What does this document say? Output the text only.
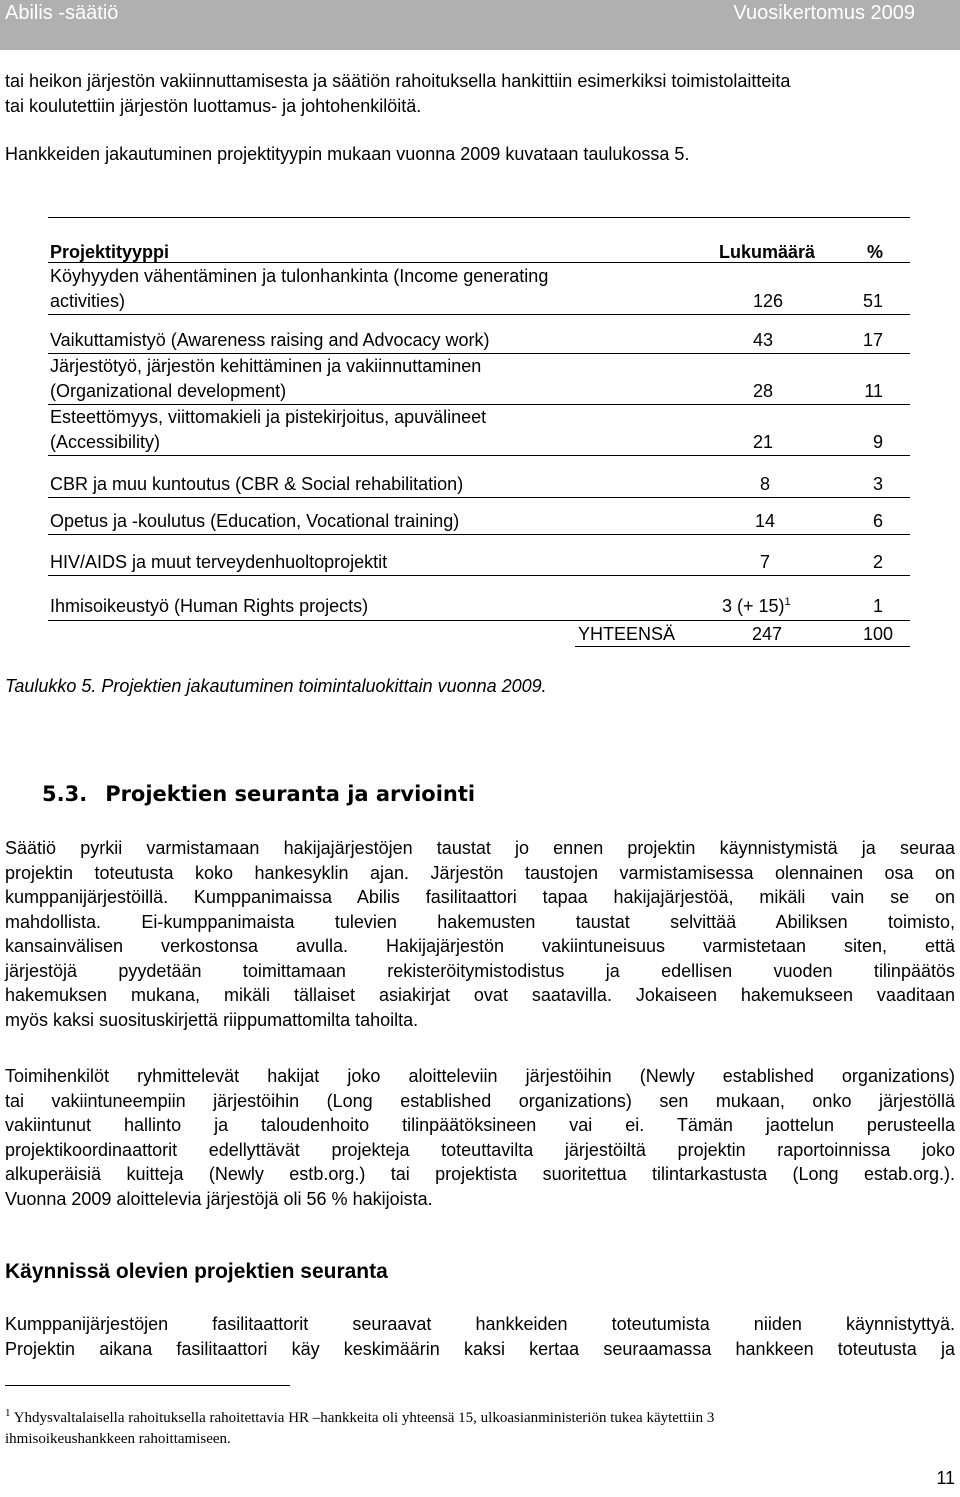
Abilis -säätiö	Vuosikertomus 2009
tai heikon järjestön vakiinnuttamisesta ja säätiön rahoituksella hankittiin esimerkiksi toimistolaitteita
tai koulutettiin järjestön luottamus- ja johtohenkilöitä.
Hankkeiden jakautuminen projektityypin mukaan vuonna 2009 kuvataan taulukossa 5.
Projektityyppi	Lukumäärä	%
Köyhyyden vähentäminen ja tulonhankinta (Income generating
activities)	126	51
Vaikuttamistyö (Awareness raising and Advocacy work)	43	17
Järjestötyö, järjestön kehittäminen ja vakiinnuttaminen
(Organizational development)	28	11
Esteettömyys, viittomakieli ja pistekirjoitus, apuvälineet
(Accessibility)	21	9
CBR ja muu kuntoutus (CBR & Social rehabilitation)	8	3
Opetus ja -koulutus (Education, Vocational training)	14	6
HIV/AIDS ja muut terveydenhuoltoprojektit	7	2
Ihmisoikeustyö (Human Rights projects)	3 (+ 15)$^1$	1
YHTEENSÄ	247	100
Taulukko 5. Projektien jakautuminen toimintaluokittain vuonna 2009.
5.3. Projektien seuranta ja arviointi
Säätiö pyrkii varmistamaan hakijajärjestöjen taustat jo ennen projektin käynnistymistä ja seuraa
projektin toteutusta koko hankesyklin ajan. Järjestön taustojen varmistamisessa olennainen osa on
kumppanijärjestöillä. Kumppanimaissa Abilis fasilitaattori tapaa hakijajärjestöä, mikäli vain se on
mahdollista. Ei-kumppanimaista tulevien hakemusten taustat selvittää Abiliksen toimisto,
kansainvälisen verkostonsa avulla. Hakijajärjestön vakiintuneisuus varmistetaan siten, että
järjestöjä pyydetään toimittamaan rekisteröitymistodistus ja edellisen vuoden tilinpäätös
hakemuksen mukana, mikäli tällaiset asiakirjat ovat saatavilla. Jokaiseen hakemukseen vaaditaan
myös kaksi suosituskirjettä riippumattomilta tahoilta.
Toimihenkilöt ryhmittelevät hakijat joko aloitteleviin järjestöihin (Newly established organizations)
tai vakiintuneempiin järjestöihin (Long established organizations) sen mukaan, onko järjestöllä
vakiintunut hallinto ja taloudenhoito tilinpäätöksineen vai ei. Tämän jaottelun perusteella
projektikoordinaattorit edellyttävät projekteja toteuttavilta järjestöiltä projektin raportoinnissa joko
alkuperäisiä kuitteja (Newly estb.org.) tai projektista suoritettua tilintarkastusta (Long estab.org.).
Vuonna 2009 aloittelevia järjestöjä oli 56 % hakijoista.
Käynnissä olevien projektien seuranta
Kumppanijärjestöjen fasilitaattorit seuraavat hankkeiden toteutumista niiden käynnistyttyä.
Projektin aikana fasilitaattori käy keskimäärin kaksi kertaa seuraamassa hankkeen toteutusta ja
$^1$ Yhdysvaltalaisella rahoituksella rahoitettavia HR –hankkeita oli yhteensä 15, ulkoasianministeriön tukea käytettiin 3
ihmisoikeushankkeen rahoittamiseen.
11
